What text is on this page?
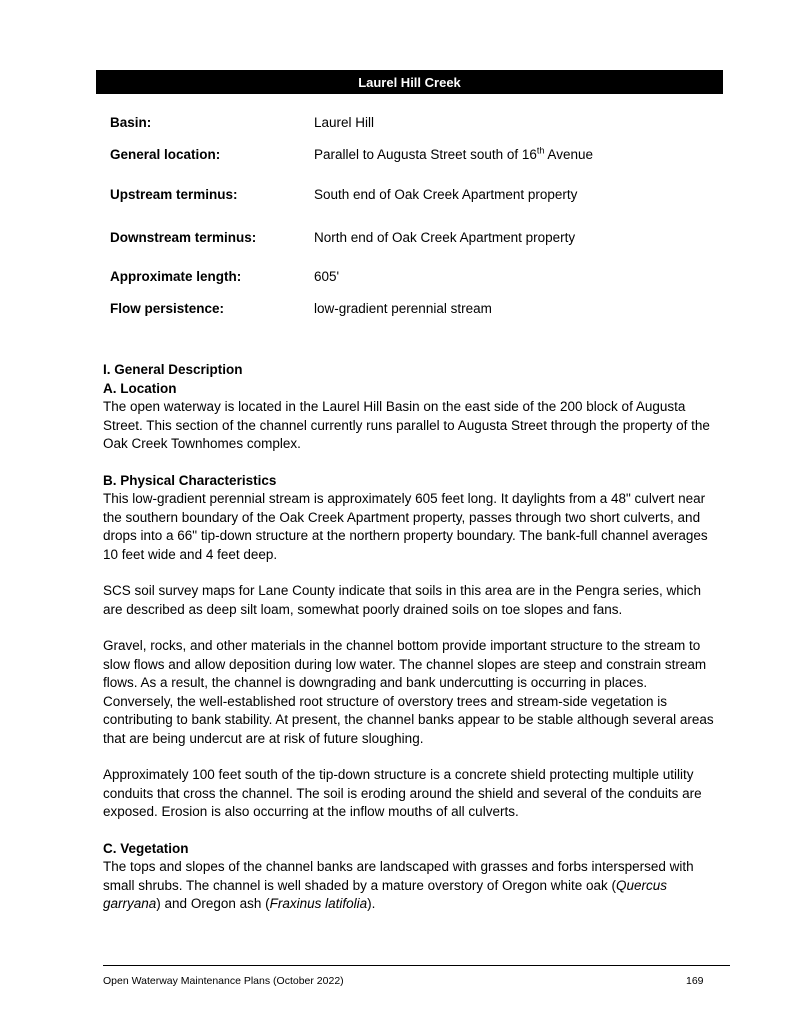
Laurel Hill Creek
Basin:	Laurel Hill
General location:	Parallel to Augusta Street south of 16th Avenue
Upstream terminus:	South end of Oak Creek Apartment property
Downstream terminus:	North end of Oak Creek Apartment property
Approximate length:	605'
Flow persistence:	low-gradient perennial stream

I. General Description

A. Location

The open waterway is located in the Laurel Hill Basin on the east side of the 200 block of Augusta Street. This section of the channel currently runs parallel to Augusta Street through the property of the Oak Creek Townhomes complex.

B. Physical Characteristics

This low-gradient perennial stream is approximately 605 feet long. It daylights from a 48" culvert near the southern boundary of the Oak Creek Apartment property, passes through two short culverts, and drops into a 66" tip-down structure at the northern property boundary. The bank-full channel averages 10 feet wide and 4 feet deep.

SCS soil survey maps for Lane County indicate that soils in this area are in the Pengra series, which are described as deep silt loam, somewhat poorly drained soils on toe slopes and fans.

Gravel, rocks, and other materials in the channel bottom provide important structure to the stream to slow flows and allow deposition during low water. The channel slopes are steep and constrain stream flows. As a result, the channel is downgrading and bank undercutting is occurring in places. Conversely, the well-established root structure of overstory trees and stream-side vegetation is contributing to bank stability. At present, the channel banks appear to be stable although several areas that are being undercut are at risk of future sloughing.

Approximately 100 feet south of the tip-down structure is a concrete shield protecting multiple utility conduits that cross the channel. The soil is eroding around the shield and several of the conduits are exposed. Erosion is also occurring at the inflow mouths of all culverts.

C. Vegetation

The tops and slopes of the channel banks are landscaped with grasses and forbs interspersed with small shrubs. The channel is well shaded by a mature overstory of Oregon white oak (Quercus garryana) and Oregon ash (Fraxinus latifolia).

Open Waterway Maintenance Plans (October 2022)	169
